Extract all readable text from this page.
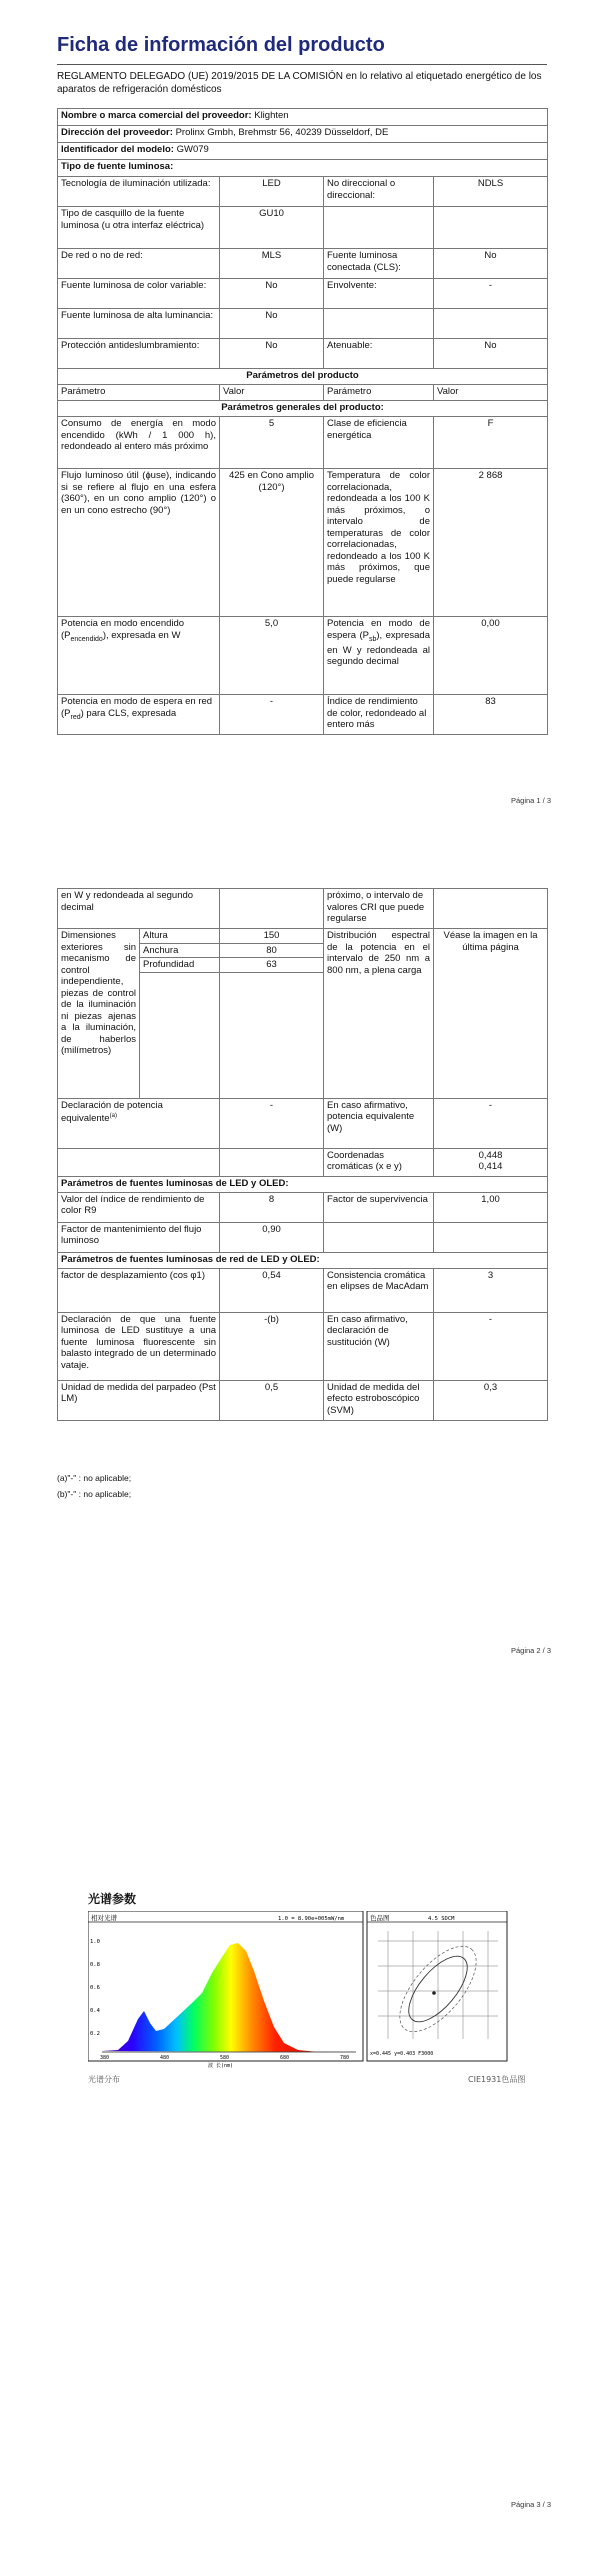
Ficha de información del producto
REGLAMENTO DELEGADO (UE) 2019/2015 DE LA COMISIÓN en lo relativo al etiquetado energético de los aparatos de refrigeración domésticos
Nombre o marca comercial del proveedor: Klighten			
Dirección del proveedor: Prolinx Gmbh, Brehmstr 56, 40239 Düsseldorf, DE			
Identificador del modelo: GW079			
Tipo de fuente luminosa:			
Tecnología de iluminación utilizada:	LED	No direccional o direccional:	NDLS
Tipo de casquillo de la fuente luminosa (u otra interfaz eléctrica)	GU10		
De red o no de red:	MLS	Fuente luminosa conectada (CLS):	No
Fuente luminosa de color variable:	No	Envolvente:	-
Fuente luminosa de alta luminancia:	No		
Protección antideslumbramiento:	No	Atenuable:	No
Parámetros del producto			
Parámetro	Valor	Parámetro	Valor
Parámetros generales del producto:			
Consumo de energía en modo encendido (kWh / 1 000 h), redondeado al entero más próximo	5	Clase de eficiencia energética	F
Flujo luminoso útil (ɸuse), indicando si se refiere al flujo en una esfera (360°), en un cono amplio (120°) o en un cono estrecho (90°)	425 en Cono amplio (120°)	Temperatura de color correlacionada, redondeada a los 100 K más próximos, o intervalo de temperaturas de color correlacionadas, redondeado a los 100 K más próximos, que puede regularse	2 868
Potencia en modo encendido $(P_{encendido})$, expresada en W	5,0	Potencia en modo de espera $(P_{sb})$, expresada en W y redondeada al segundo decimal	0,00
Potencia en modo de espera en red $(P_{red})$ para CLS, expresada	-	Índice de rendimiento de color, redondeado al entero más	83
Página 1 / 3
en W y redondeada al segundo decimal			próximo, o intervalo de valores CRI que puede regularse	
Dimensiones exteriores sin mecanismo de control independiente, piezas de control de la iluminación ni piezas ajenas a la iluminación, de haberlos (milímetros)	Altura	150	Distribución espectral de la potencia en el intervalo de 250 nm a 800 nm, a plena carga	Véase la imagen en la última página
	Anchura	80		
	Profundidad	63		

Declaración de potencia equivalente$^{(a)}$		-	En caso afirmativo, potencia equivalente (W)	-
			Coordenadas cromáticas (x e y)	0,448
0,414
Parámetros de fuentes luminosas de LED y OLED:				
Valor del índice de rendimiento de color R9		8	Factor de supervivencia	1,00
Factor de mantenimiento del flujo luminoso		0,90		
Parámetros de fuentes luminosas de red de LED y OLED:				
factor de desplazamiento (cos φ1)		0,54	Consistencia cromática en elipses de MacAdam	3
Declaración de que una fuente luminosa de LED sustituye a una fuente luminosa fluorescente sin balasto integrado de un determinado vataje.		-(b)	En caso afirmativo, declaración de sustitución (W)	-
Unidad de medida del parpadeo (Pst LM)		0,5	Unidad de medida del efecto estroboscópico (SVM)	0,3
(a)"-" : no aplicable;
(b)"-" : no aplicable;
Página 2 / 3
光谱参数
相对光谱	1.0 = 8.90e+005mW/nm
1.0
0.8
0.6
0.4
0.2
380	480	580	680	780
波 长(nm)
色品图	4.5 SDCM
x=0.445 y=0.403 F3000
光谱分布	CIE1931色品图
Página 3 / 3
